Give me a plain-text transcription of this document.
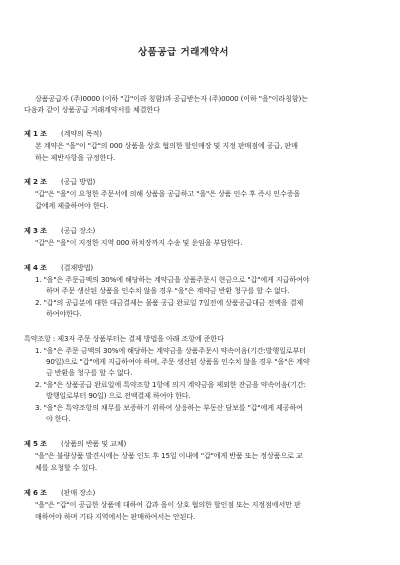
상품공급 거래계약서
상품공급자 (주)0000 (이하 "갑"이라 칭함)과 공급받는자 (주)0000 (이하 "을"이라칭함)는
다음과 같이 상품공급 거래계약서를 체결한다
제 1 조 (계약의 목적)
본 계약은 "을"이 "갑"의 000 상품을 상호 협의한 할인매장 및 지정 판매점에 공급, 판매
하는 제반사항을 규정한다.
제 2 조 (공급 방법)
"갑"은 "을"이 요청한 주문서에 의해 상품을 공급하고 "을"은 상품 인수 후 즉시 인수증을
갑에게 제출하여야 한다.
제 3 조 (공급 장소)
"갑"은 "을"이 지정한 지역 000 하치장까지 수송 및 운임을 부담한다.
제 4 조 (결재방법)
1. "을"은 주문금액의 30%에 해당하는 계약금을 상품주문시 현금으로 "갑"에게 지급하여야
하며 주문 생산된 상품을 인수치 않을 경우 "을"은 계약금 반환 청구를 할 수 없다.
2. "갑"의 공급분에 대한 대금결제는 물품 공급 완료일 7일전에 상품공급대금 전액을 결제
하여야한다.
특약조항 : 제3자 주문 상품부터는 결제 방법을 아래 조항에 준한다
1. "을"은 주문 금액의 30%에 해당하는 계약금을 상품주문시 약속어음(기간:발행일로부터
90일)으로 "갑"에게 지급하여야 하며, 주문 생산된 상품을 인수치 않을 경우 "을"은 계약
금 반환을 청구를 할 수 없다.
2. "을"은 상품공급 완료일에 특약조항 1항에 의거 계약금을 제외한 잔금을 약속어음(기간:
발행일로부터 90일) 으로 전액결제 하여야 한다.
3. "을"은 특약조항의 채무를 보증하기 위하여 상응하는 부동산 담보를 "갑"에게 제공하여
야 한다.
제 5 조 (상품의 반품 및 교체)
"을"은 불량상품 발견시에는 상품 인도 후 15일 이내에 "갑"에게 반품 또는 정상품으로 교
체를 요청할 수 있다.
제 6 조 (판매 장소)
"을"은 "갑"이 공급한 상품에 대하여 갑과 을이 상호 협의한 할인점 또는 지정점에서만 판
매하여야 하며 기타 지역에서는 판매하여서는 안된다.
